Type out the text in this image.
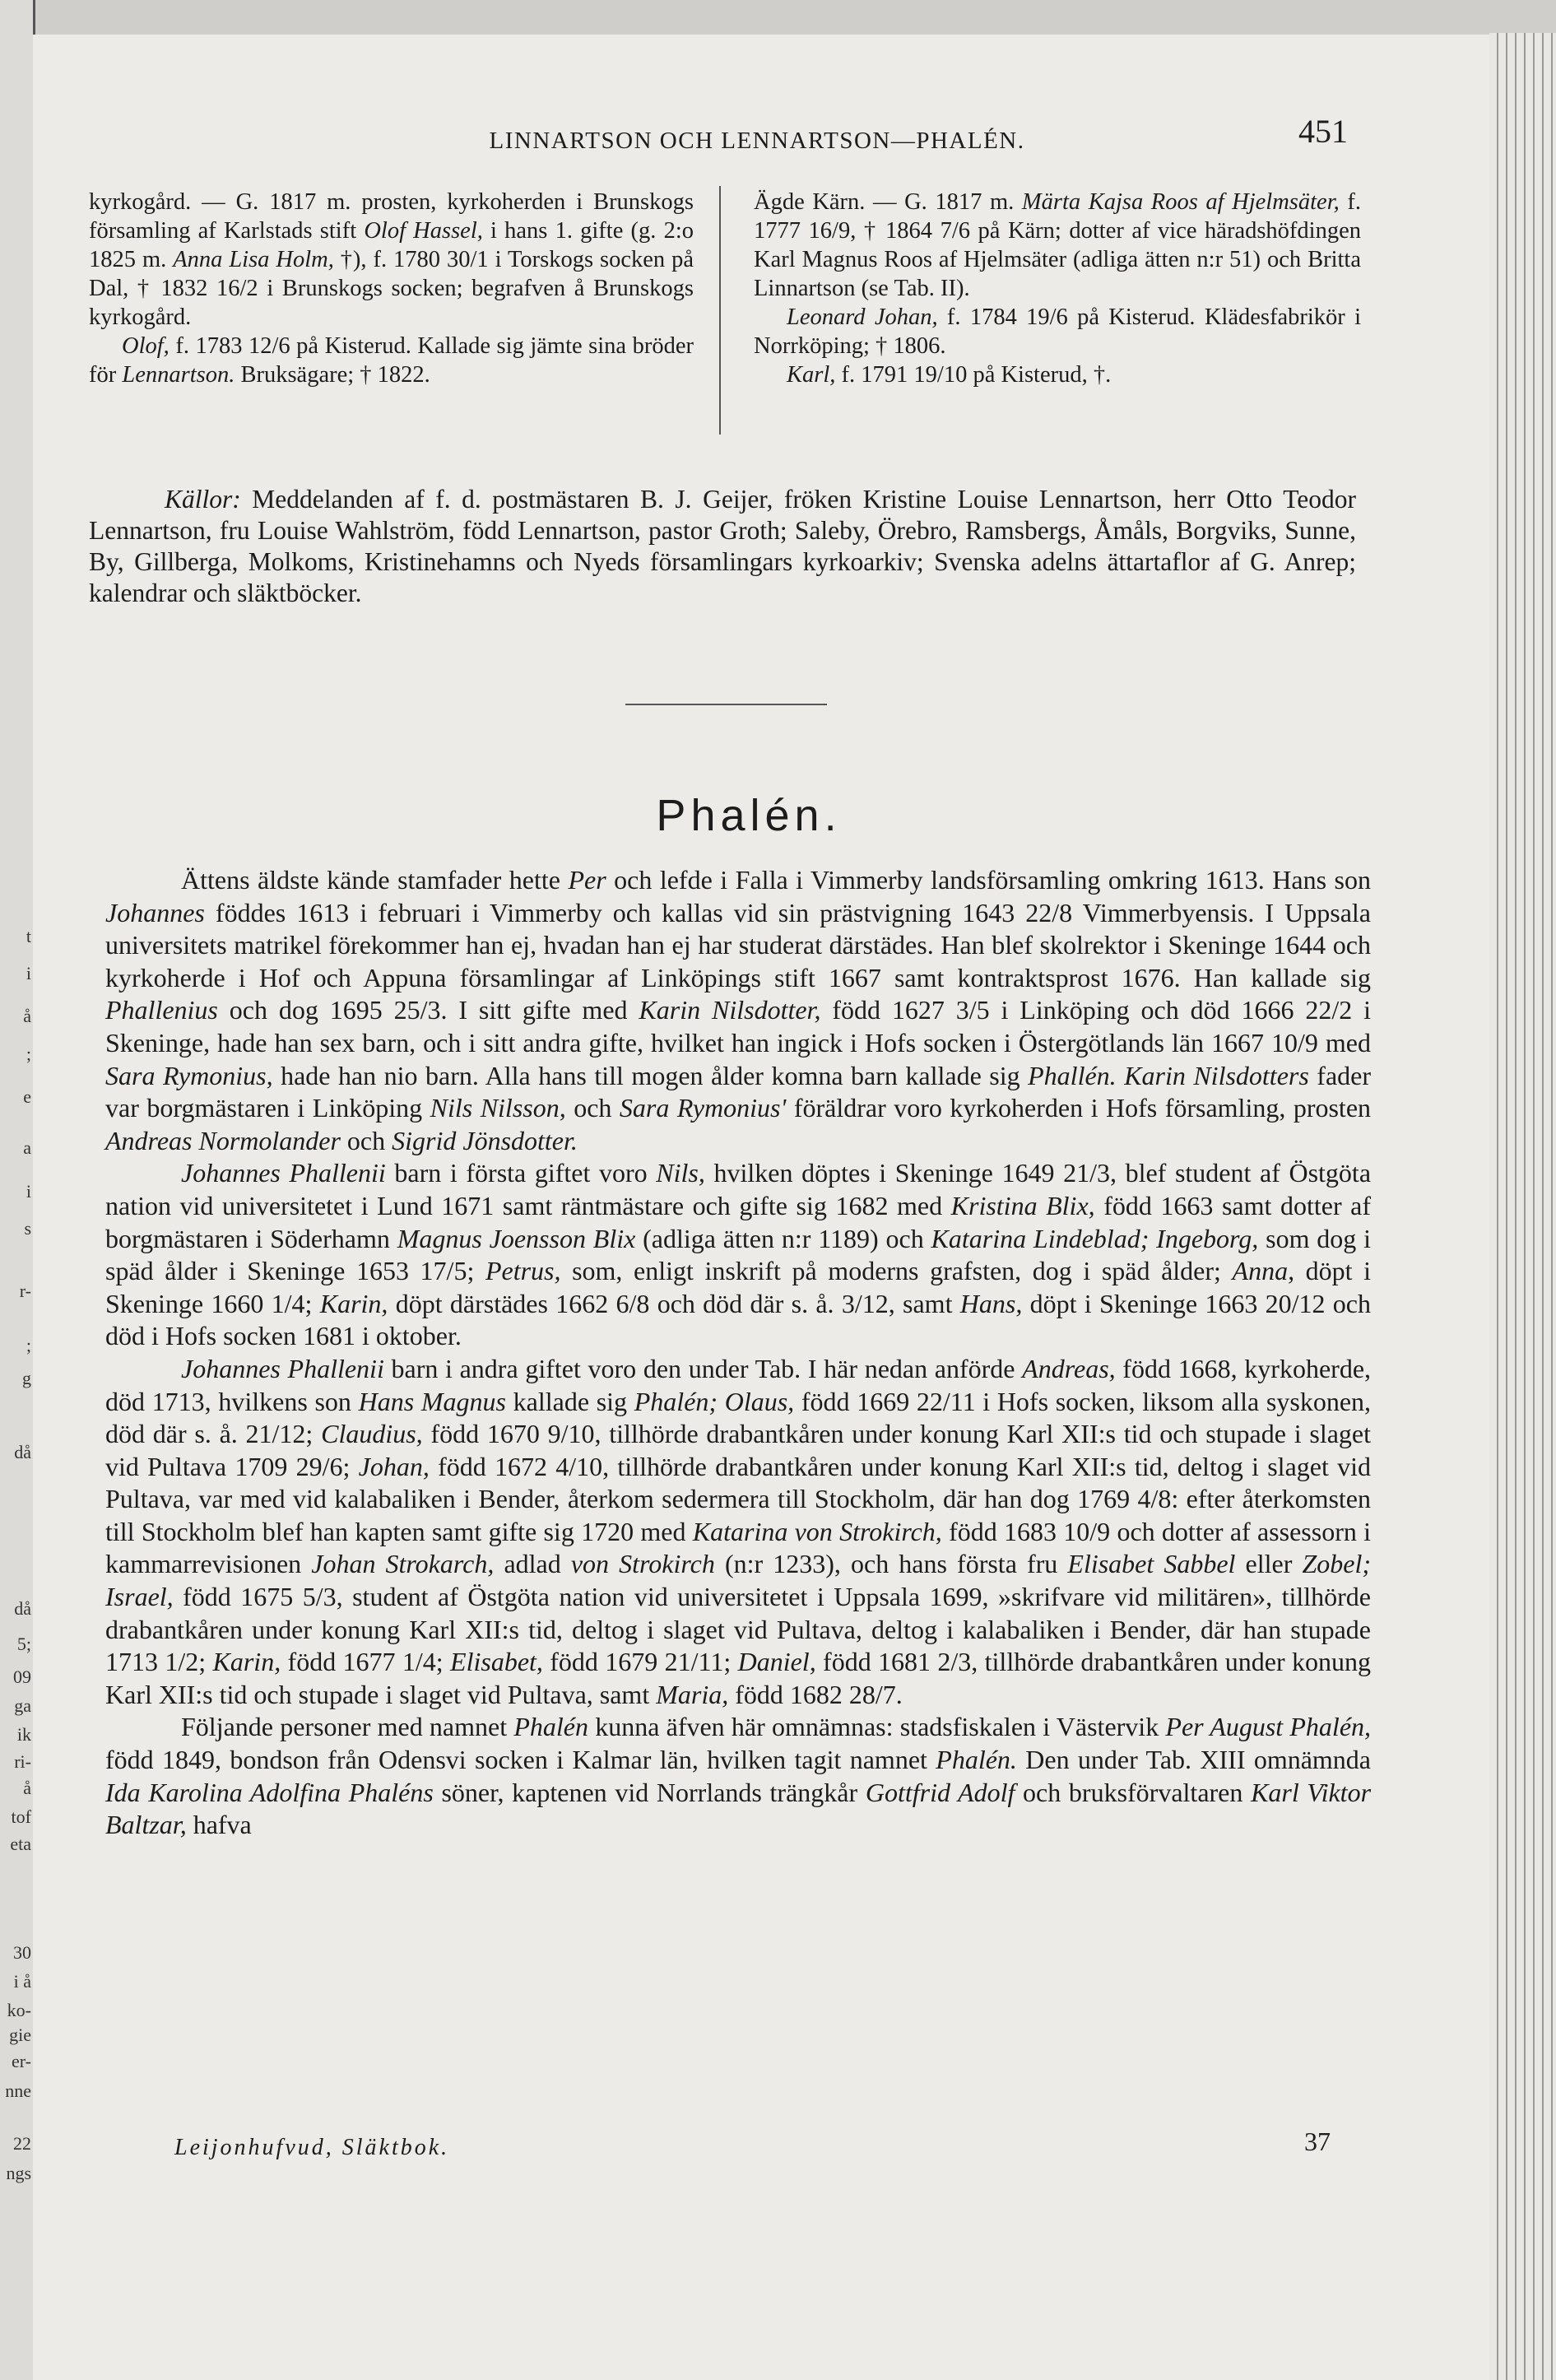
t
i
å
;
e
a
i
s
r-
;
g
då
då
5;
09
ga
ik
ri-
å
tof
eta
30
i å
ko-
gie
er-
nne
22
ngs
LINNARTSON OCH LENNARTSON—PHALÉN.	451
kyrkogård. — G. 1817 m. prosten, kyrkoherden i Brunskogs församling af Karlstads stift Olof Hassel, i hans 1. gifte (g. 2:o 1825 m. Anna Lisa Holm, †), f. 1780 30/1 i Torskogs socken på Dal, † 1832 16/2 i Brunskogs socken; begrafven å Brunskogs kyrkogård.
Olof, f. 1783 12/6 på Kisterud. Kallade sig jämte sina bröder för Lennartson. Bruksägare; † 1822.
Ägde Kärn. — G. 1817 m. Märta Kajsa Roos af Hjelmsäter, f. 1777 16/9, † 1864 7/6 på Kärn; dotter af vice häradshöfdingen Karl Magnus Roos af Hjelmsäter (adliga ätten n:r 51) och Britta Linnartson (se Tab. II).
Leonard Johan, f. 1784 19/6 på Kisterud. Klädesfabrikör i Norrköping; † 1806.
Karl, f. 1791 19/10 på Kisterud, †.
Källor: Meddelanden af f. d. postmästaren B. J. Geijer, fröken Kristine Louise Lennartson, herr Otto Teodor Lennartson, fru Louise Wahlström, född Lennartson, pastor Groth; Saleby, Örebro, Ramsbergs, Åmåls, Borgviks, Sunne, By, Gillberga, Molkoms, Kristinehamns och Nyeds församlingars kyrkoarkiv; Svenska adelns ättartaflor af G. Anrep; kalendrar och släktböcker.
Phalén.

Ättens äldste kände stamfader hette Per och lefde i Falla i Vimmerby landsförsamling omkring 1613. Hans son Johannes föddes 1613 i februari i Vimmerby och kallas vid sin prästvigning 1643 22/8 Vimmerbyensis. I Uppsala universitets matrikel förekommer han ej, hvadan han ej har studerat därstädes. Han blef skolrektor i Skeninge 1644 och kyrkoherde i Hof och Appuna församlingar af Linköpings stift 1667 samt kontraktsprost 1676. Han kallade sig Phallenius och dog 1695 25/3. I sitt gifte med Karin Nilsdotter, född 1627 3/5 i Linköping och död 1666 22/2 i Skeninge, hade han sex barn, och i sitt andra gifte, hvilket han ingick i Hofs socken i Östergötlands län 1667 10/9 med Sara Rymonius, hade han nio barn. Alla hans till mogen ålder komna barn kallade sig Phallén. Karin Nilsdotters fader var borgmästaren i Linköping Nils Nilsson, och Sara Rymonius' föräldrar voro kyrkoherden i Hofs församling, prosten Andreas Normolander och Sigrid Jönsdotter.

Johannes Phallenii barn i första giftet voro Nils, hvilken döptes i Skeninge 1649 21/3, blef student af Östgöta nation vid universitetet i Lund 1671 samt räntmästare och gifte sig 1682 med Kristina Blix, född 1663 samt dotter af borgmästaren i Söderhamn Magnus Joensson Blix (adliga ätten n:r 1189) och Katarina Lindeblad; Ingeborg, som dog i späd ålder i Skeninge 1653 17/5; Petrus, som, enligt inskrift på moderns grafsten, dog i späd ålder; Anna, döpt i Skeninge 1660 1/4; Karin, döpt därstädes 1662 6/8 och död där s. å. 3/12, samt Hans, döpt i Skeninge 1663 20/12 och död i Hofs socken 1681 i oktober.

Johannes Phallenii barn i andra giftet voro den under Tab. I här nedan anförde Andreas, född 1668, kyrkoherde, död 1713, hvilkens son Hans Magnus kallade sig Phalén; Olaus, född 1669 22/11 i Hofs socken, liksom alla syskonen, död där s. å. 21/12; Claudius, född 1670 9/10, tillhörde drabantkåren under konung Karl XII:s tid och stupade i slaget vid Pultava 1709 29/6; Johan, född 1672 4/10, tillhörde drabantkåren under konung Karl XII:s tid, deltog i slaget vid Pultava, var med vid kalabaliken i Bender, återkom sedermera till Stockholm, där han dog 1769 4/8: efter återkomsten till Stockholm blef han kapten samt gifte sig 1720 med Katarina von Strokirch, född 1683 10/9 och dotter af assessorn i kammarrevisionen Johan Strokarch, adlad von Strokirch (n:r 1233), och hans första fru Elisabet Sabbel eller Zobel; Israel, född 1675 5/3, student af Östgöta nation vid universitetet i Uppsala 1699, »skrifvare vid militären», tillhörde drabantkåren under konung Karl XII:s tid, deltog i slaget vid Pultava, deltog i kalabaliken i Bender, där han stupade 1713 1/2; Karin, född 1677 1/4; Elisabet, född 1679 21/11; Daniel, född 1681 2/3, tillhörde drabantkåren under konung Karl XII:s tid och stupade i slaget vid Pultava, samt Maria, född 1682 28/7.

Följande personer med namnet Phalén kunna äfven här omnämnas: stadsfiskalen i Västervik Per August Phalén, född 1849, bondson från Odensvi socken i Kalmar län, hvilken tagit namnet Phalén. Den under Tab. XIII omnämnda Ida Karolina Adolfina Phaléns söner, kaptenen vid Norrlands trängkår Gottfrid Adolf och bruksförvaltaren Karl Viktor Baltzar, hafva

Leijonhufvud, Släktbok.	37
